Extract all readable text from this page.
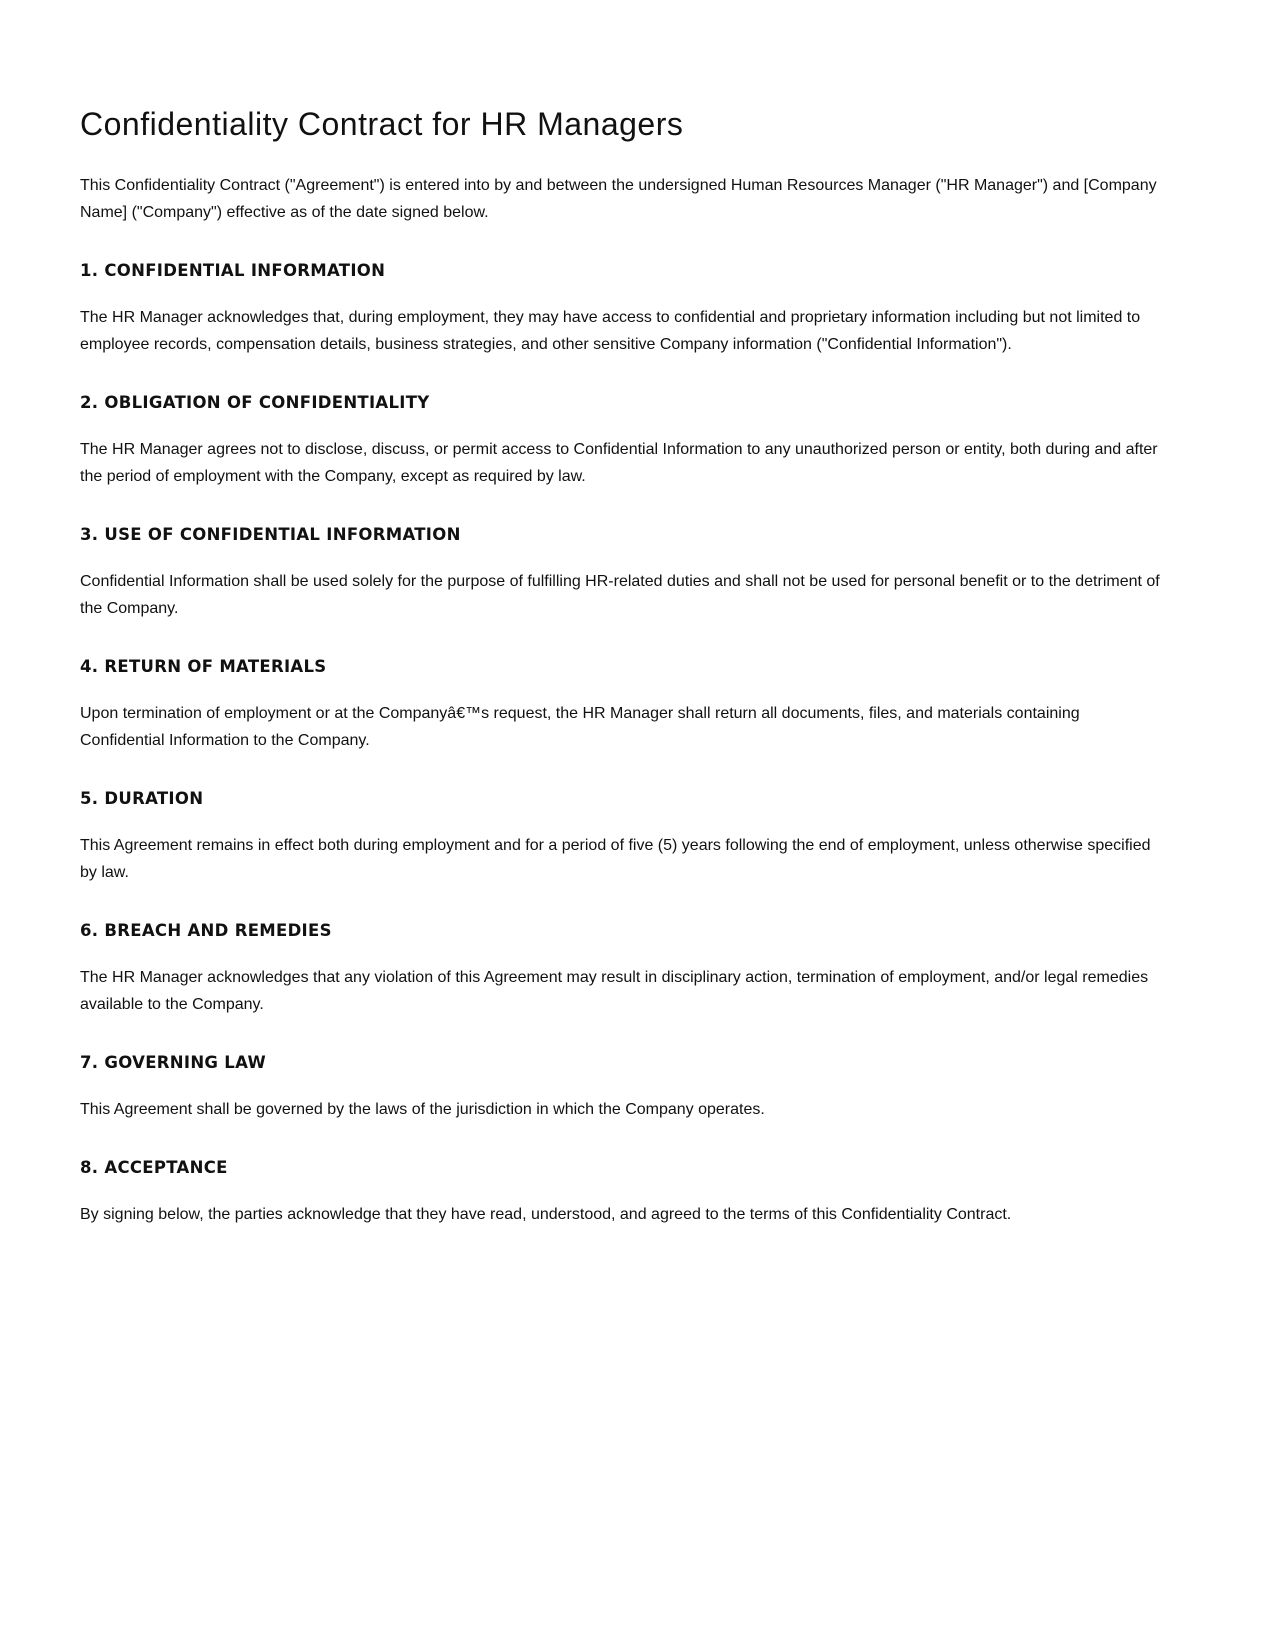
Confidentiality Contract for HR Managers

This Confidentiality Contract ("Agreement") is entered into by and between the undersigned Human Resources Manager ("HR Manager") and [Company Name] ("Company") effective as of the date signed below.

1. CONFIDENTIAL INFORMATION

The HR Manager acknowledges that, during employment, they may have access to confidential and proprietary information including but not limited to employee records, compensation details, business strategies, and other sensitive Company information ("Confidential Information").

2. OBLIGATION OF CONFIDENTIALITY

The HR Manager agrees not to disclose, discuss, or permit access to Confidential Information to any unauthorized person or entity, both during and after the period of employment with the Company, except as required by law.

3. USE OF CONFIDENTIAL INFORMATION

Confidential Information shall be used solely for the purpose of fulfilling HR-related duties and shall not be used for personal benefit or to the detriment of the Company.

4. RETURN OF MATERIALS

Upon termination of employment or at the Companyâ€™s request, the HR Manager shall return all documents, files, and materials containing Confidential Information to the Company.

5. DURATION

This Agreement remains in effect both during employment and for a period of five (5) years following the end of employment, unless otherwise specified by law.

6. BREACH AND REMEDIES

The HR Manager acknowledges that any violation of this Agreement may result in disciplinary action, termination of employment, and/or legal remedies available to the Company.

7. GOVERNING LAW

This Agreement shall be governed by the laws of the jurisdiction in which the Company operates.

8. ACCEPTANCE

By signing below, the parties acknowledge that they have read, understood, and agreed to the terms of this Confidentiality Contract.
